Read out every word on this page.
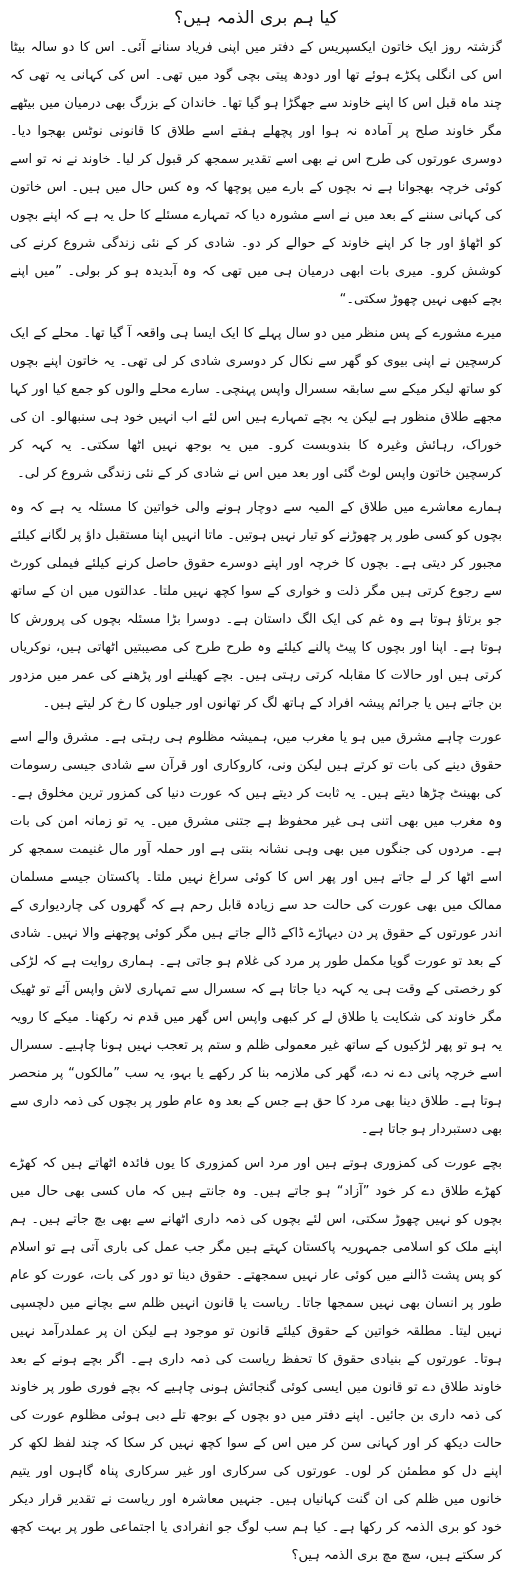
کیا ہم بری الذمہ ہیں؟

گزشتہ روز ایک خاتون ایکسپریس کے دفتر میں اپنی فریاد سنانے آئی۔ اس کا دو سالہ بیٹا اس کی انگلی پکڑے ہوئے تھا اور دودھ پیتی بچی گود میں تھی۔ اس کی کہانی یہ تھی کہ چند ماہ قبل اس کا اپنے خاوند سے جھگڑا ہو گیا تھا۔ خاندان کے بزرگ بھی درمیان میں بیٹھے مگر خاوند صلح پر آمادہ نہ ہوا اور پچھلے ہفتے اسے طلاق کا قانونی نوٹس بھجوا دیا۔ دوسری عورتوں کی طرح اس نے بھی اسے تقدیر سمجھ کر قبول کر لیا۔ خاوند نے نہ تو اسے کوئی خرچہ بھجوانا ہے نہ بچوں کے بارے میں پوچھا کہ وہ کس حال میں ہیں۔ اس خاتون کی کہانی سننے کے بعد میں نے اسے مشورہ دیا کہ تمہارے مسئلے کا حل یہ ہے کہ اپنے بچوں کو اٹھاؤ اور جا کر اپنے خاوند کے حوالے کر دو۔ شادی کر کے نئی زندگی شروع کرنے کی کوشش کرو۔ میری بات ابھی درمیان ہی میں تھی کہ وہ آبدیدہ ہو کر بولی۔ ”میں اپنے بچے کبھی نہیں چھوڑ سکتی۔“

میرے مشورے کے پس منظر میں دو سال پہلے کا ایک ایسا ہی واقعہ آ گیا تھا۔ محلے کے ایک کرسچین نے اپنی بیوی کو گھر سے نکال کر دوسری شادی کر لی تھی۔ یہ خاتون اپنے بچوں کو ساتھ لیکر میکے سے سابقہ سسرال واپس پہنچی۔ سارے محلے والوں کو جمع کیا اور کہا مجھے طلاق منظور ہے لیکن یہ بچے تمہارے ہیں اس لئے اب انہیں خود ہی سنبھالو۔ ان کی خوراک، رہائش وغیرہ کا بندوبست کرو۔ میں یہ بوجھ نہیں اٹھا سکتی۔ یہ کہہ کر کرسچین خاتون واپس لوٹ گئی اور بعد میں اس نے شادی کر کے نئی زندگی شروع کر لی۔

ہمارے معاشرے میں طلاق کے المیہ سے دوچار ہونے والی خواتین کا مسئلہ یہ ہے کہ وہ بچوں کو کسی طور پر چھوڑنے کو تیار نہیں ہوتیں۔ ماتا انہیں اپنا مستقبل داؤ پر لگانے کیلئے مجبور کر دیتی ہے۔ بچوں کا خرچہ اور اپنے دوسرے حقوق حاصل کرنے کیلئے فیملی کورٹ سے رجوع کرتی ہیں مگر ذلت و خواری کے سوا کچھ نہیں ملتا۔ عدالتوں میں ان کے ساتھ جو برتاؤ ہوتا ہے وہ غم کی ایک الگ داستان ہے۔ دوسرا بڑا مسئلہ بچوں کی پرورش کا ہوتا ہے۔ اپنا اور بچوں کا پیٹ پالنے کیلئے وہ طرح طرح کی مصیبتیں اٹھاتی ہیں، نوکریاں کرتی ہیں اور حالات کا مقابلہ کرتی رہتی ہیں۔ بچے کھیلنے اور پڑھنے کی عمر میں مزدور بن جاتے ہیں یا جرائم پیشہ افراد کے ہاتھ لگ کر تھانوں اور جیلوں کا رخ کر لیتے ہیں۔

عورت چاہے مشرق میں ہو یا مغرب میں، ہمیشہ مظلوم ہی رہتی ہے۔ مشرق والے اسے حقوق دینے کی بات تو کرتے ہیں لیکن ونی، کاروکاری اور قرآن سے شادی جیسی رسومات کی بھینٹ چڑھا دیتے ہیں۔ یہ ثابت کر دیتے ہیں کہ عورت دنیا کی کمزور ترین مخلوق ہے۔ وہ مغرب میں بھی اتنی ہی غیر محفوظ ہے جتنی مشرق میں۔ یہ تو زمانہ امن کی بات ہے۔ مردوں کی جنگوں میں بھی وہی نشانہ بنتی ہے اور حملہ آور مال غنیمت سمجھ کر اسے اٹھا کر لے جاتے ہیں اور پھر اس کا کوئی سراغ نہیں ملتا۔ پاکستان جیسے مسلمان ممالک میں بھی عورت کی حالت حد سے زیادہ قابل رحم ہے کہ گھروں کی چاردیواری کے اندر عورتوں کے حقوق پر دن دیہاڑے ڈاکے ڈالے جاتے ہیں مگر کوئی پوچھنے والا نہیں۔ شادی کے بعد تو عورت گویا مکمل طور پر مرد کی غلام ہو جاتی ہے۔ ہماری روایت ہے کہ لڑکی کو رخصتی کے وقت ہی یہ کہہ دیا جاتا ہے کہ سسرال سے تمہاری لاش واپس آئے تو ٹھیک مگر خاوند کی شکایت یا طلاق لے کر کبھی واپس اس گھر میں قدم نہ رکھنا۔ میکے کا رویہ یہ ہو تو پھر لڑکیوں کے ساتھ غیر معمولی ظلم و ستم پر تعجب نہیں ہونا چاہیے۔ سسرال اسے خرچہ پانی دے نہ دے، گھر کی ملازمہ بنا کر رکھے یا بہو، یہ سب ”مالکوں“ پر منحصر ہوتا ہے۔ طلاق دینا بھی مرد کا حق ہے جس کے بعد وہ عام طور پر بچوں کی ذمہ داری سے بھی دستبردار ہو جاتا ہے۔

بچے عورت کی کمزوری ہوتے ہیں اور مرد اس کمزوری کا یوں فائدہ اٹھاتے ہیں کہ کھڑے کھڑے طلاق دے کر خود ”آزاد“ ہو جاتے ہیں۔ وہ جانتے ہیں کہ ماں کسی بھی حال میں بچوں کو نہیں چھوڑ سکتی، اس لئے بچوں کی ذمہ داری اٹھانے سے بھی بچ جاتے ہیں۔ ہم اپنے ملک کو اسلامی جمہوریہ پاکستان کہتے ہیں مگر جب عمل کی باری آتی ہے تو اسلام کو پس پشت ڈالنے میں کوئی عار نہیں سمجھتے۔ حقوق دینا تو دور کی بات، عورت کو عام طور پر انسان بھی نہیں سمجھا جاتا۔ ریاست یا قانون انہیں ظلم سے بچانے میں دلچسپی نہیں لیتا۔ مطلقہ خواتین کے حقوق کیلئے قانون تو موجود ہے لیکن ان پر عملدرآمد نہیں ہوتا۔ عورتوں کے بنیادی حقوق کا تحفظ ریاست کی ذمہ داری ہے۔ اگر بچے ہونے کے بعد خاوند طلاق دے تو قانون میں ایسی کوئی گنجائش ہونی چاہیے کہ بچے فوری طور پر خاوند کی ذمہ داری بن جائیں۔ اپنے دفتر میں دو بچوں کے بوجھ تلے دبی ہوئی مظلوم عورت کی حالت دیکھ کر اور کہانی سن کر میں اس کے سوا کچھ نہیں کر سکا کہ چند لفظ لکھ کر اپنے دل کو مطمئن کر لوں۔ عورتوں کی سرکاری اور غیر سرکاری پناہ گاہوں اور یتیم خانوں میں ظلم کی ان گنت کہانیاں ہیں۔ جنہیں معاشرہ اور ریاست نے تقدیر قرار دیکر خود کو بری الذمہ کر رکھا ہے۔ کیا ہم سب لوگ جو انفرادی یا اجتماعی طور پر بہت کچھ کر سکتے ہیں، سچ مچ بری الذمہ ہیں؟
